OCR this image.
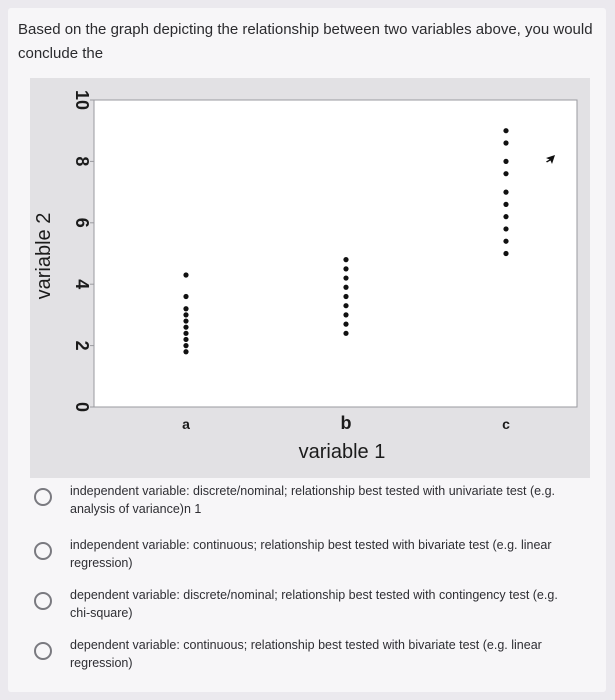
Based on the graph depicting the relationship between two variables above, you would conclude the
10
8
6
4
2
0
a	b	c
variable 1
variable 2
independent variable: discrete/nominal; relationship best tested with univariate test (e.g. analysis of variance)n 1
independent variable: continuous; relationship best tested with bivariate test (e.g. linear regression)
dependent variable: discrete/nominal; relationship best tested with contingency test (e.g. chi-square)
dependent variable: continuous; relationship best tested with bivariate test (e.g. linear regression)
